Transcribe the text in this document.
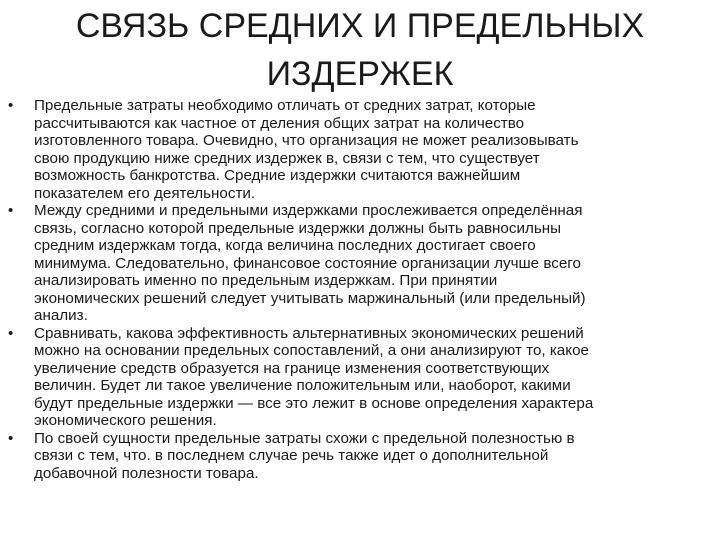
СВЯЗЬ СРЕДНИХ И ПРЕДЕЛЬНЫХ
ИЗДЕРЖЕК
• Предельные затраты необходимо отличать от средних затрат, которые
рассчитываются как частное от деления общих затрат на количество
изготовленного товара. Очевидно, что организация не может реализовывать
свою продукцию ниже средних издержек в, связи с тем, что существует
возможность банкротства. Средние издержки считаются важнейшим
показателем его деятельности.
• Между средними и предельными издержками прослеживается определённая
связь, согласно которой предельные издержки должны быть равносильны
средним издержкам тогда, когда величина последних достигает своего
минимума. Следовательно, финансовое состояние организации лучше всего
анализировать именно по предельным издержкам. При принятии
экономических решений следует учитывать маржинальный (или предельный)
анализ.
• Сравнивать, какова эффективность альтернативных экономических решений
можно на основании предельных сопоставлений, а они анализируют то, какое
увеличение средств образуется на границе изменения соответствующих
величин. Будет ли такое увеличение положительным или, наоборот, какими
будут предельные издержки — все это лежит в основе определения характера
экономического решения.
• По своей сущности предельные затраты схожи с предельной полезностью в
связи с тем, что. в последнем случае речь также идет о дополнительной
добавочной полезности товара.
